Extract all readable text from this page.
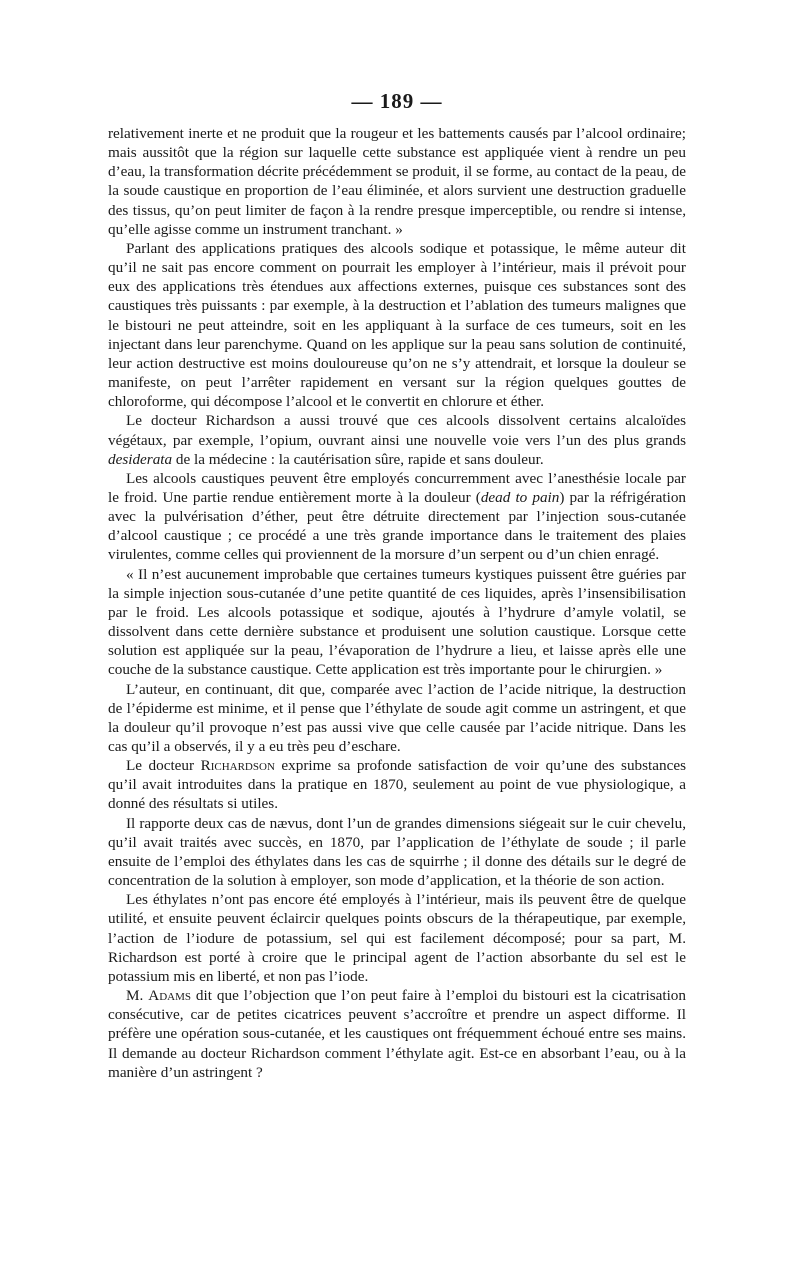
— 189 —

relativement inerte et ne produit que la rougeur et les battements causés par l’alcool ordinaire; mais aussitôt que la région sur laquelle cette substance est appliquée vient à rendre un peu d’eau, la transformation décrite précédemment se produit, il se forme, au contact de la peau, de la soude caustique en proportion de l’eau éliminée, et alors survient une destruction graduelle des tissus, qu’on peut limiter de façon à la rendre presque imperceptible, ou rendre si intense, qu’elle agisse comme un instrument tranchant. »

Parlant des applications pratiques des alcools sodique et potassique, le même auteur dit qu’il ne sait pas encore comment on pourrait les employer à l’intérieur, mais il prévoit pour eux des applications très étendues aux affections externes, puisque ces substances sont des caustiques très puissants : par exemple, à la destruction et l’ablation des tumeurs malignes que le bistouri ne peut atteindre, soit en les appliquant à la surface de ces tumeurs, soit en les injectant dans leur parenchyme. Quand on les applique sur la peau sans solution de continuité, leur action destructive est moins douloureuse qu’on ne s’y attendrait, et lorsque la douleur se manifeste, on peut l’arrêter rapidement en versant sur la région quelques gouttes de chloroforme, qui décompose l’alcool et le convertit en chlorure et éther.

Le docteur Richardson a aussi trouvé que ces alcools dissolvent certains alcaloïdes végétaux, par exemple, l’opium, ouvrant ainsi une nouvelle voie vers l’un des plus grands desiderata de la médecine : la cautérisation sûre, rapide et sans douleur.

Les alcools caustiques peuvent être employés concurremment avec l’anesthésie locale par le froid. Une partie rendue entièrement morte à la douleur (dead to pain) par la réfrigération avec la pulvérisation d’éther, peut être détruite directement par l’injection sous-cutanée d’alcool caustique ; ce procédé a une très grande importance dans le traitement des plaies virulentes, comme celles qui proviennent de la morsure d’un serpent ou d’un chien enragé.

« Il n’est aucunement improbable que certaines tumeurs kystiques puissent être guéries par la simple injection sous-cutanée d’une petite quantité de ces liquides, après l’insensibilisation par le froid. Les alcools potassique et sodique, ajoutés à l’hydrure d’amyle volatil, se dissolvent dans cette dernière substance et produisent une solution caustique. Lorsque cette solution est appliquée sur la peau, l’évaporation de l’hydrure a lieu, et laisse après elle une couche de la substance caustique. Cette application est très importante pour le chirurgien. »

L’auteur, en continuant, dit que, comparée avec l’action de l’acide nitrique, la destruction de l’épiderme est minime, et il pense que l’éthylate de soude agit comme un astringent, et que la douleur qu’il provoque n’est pas aussi vive que celle causée par l’acide nitrique. Dans les cas qu’il a observés, il y a eu très peu d’eschare.

Le docteur Richardson exprime sa profonde satisfaction de voir qu’une des substances qu’il avait introduites dans la pratique en 1870, seulement au point de vue physiologique, a donné des résultats si utiles.

Il rapporte deux cas de nævus, dont l’un de grandes dimensions siégeait sur le cuir chevelu, qu’il avait traités avec succès, en 1870, par l’application de l’éthylate de soude ; il parle ensuite de l’emploi des éthylates dans les cas de squirrhe ; il donne des détails sur le degré de concentration de la solution à employer, son mode d’application, et la théorie de son action.

Les éthylates n’ont pas encore été employés à l’intérieur, mais ils peuvent être de quelque utilité, et ensuite peuvent éclaircir quelques points obscurs de la thérapeutique, par exemple, l’action de l’iodure de potassium, sel qui est facilement décomposé; pour sa part, M. Richardson est porté à croire que le principal agent de l’action absorbante du sel est le potassium mis en liberté, et non pas l’iode.

M. Adams dit que l’objection que l’on peut faire à l’emploi du bistouri est la cicatrisation consécutive, car de petites cicatrices peuvent s’accroître et prendre un aspect difforme. Il préfère une opération sous-cutanée, et les caustiques ont fréquemment échoué entre ses mains. Il demande au docteur Richardson comment l’éthylate agit. Est-ce en absorbant l’eau, ou à la manière d’un astringent ?
